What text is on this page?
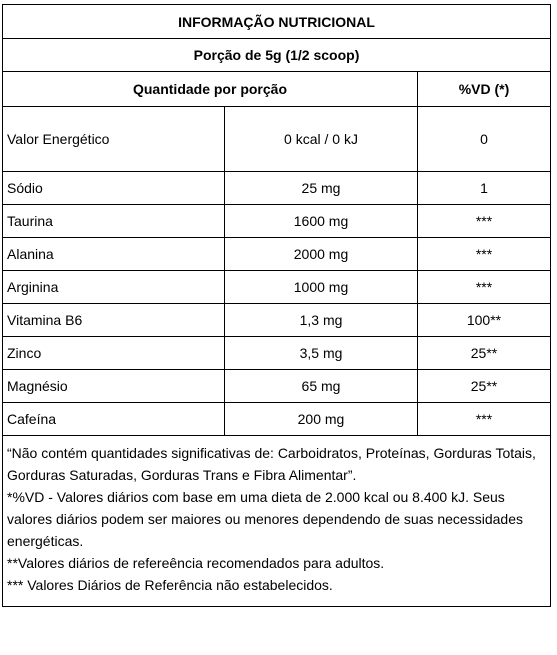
INFORMAÇÃO NUTRICIONAL
Porção de 5g (1/2 scoop)
Quantidade por porção	%VD (*)
Valor Energético	0 kcal / 0 kJ	0
Sódio	25 mg	1
Taurina	1600 mg	***
Alanina	2000 mg	***
Arginina	1000 mg	***
Vitamina B6	1,3 mg	100**
Zinco	3,5 mg	25**
Magnésio	65 mg	25**
Cafeína	200 mg	***

“Não contém quantidades significativas de: Carboidratos, Proteínas, Gorduras Totais, Gorduras Saturadas, Gorduras Trans e Fibra Alimentar”.

*%VD - Valores diários com base em uma dieta de 2.000 kcal ou 8.400 kJ. Seus valores diários podem ser maiores ou menores dependendo de suas necessidades energéticas.

**Valores diários de refereência recomendados para adultos.

*** Valores Diários de Referência não estabelecidos.
